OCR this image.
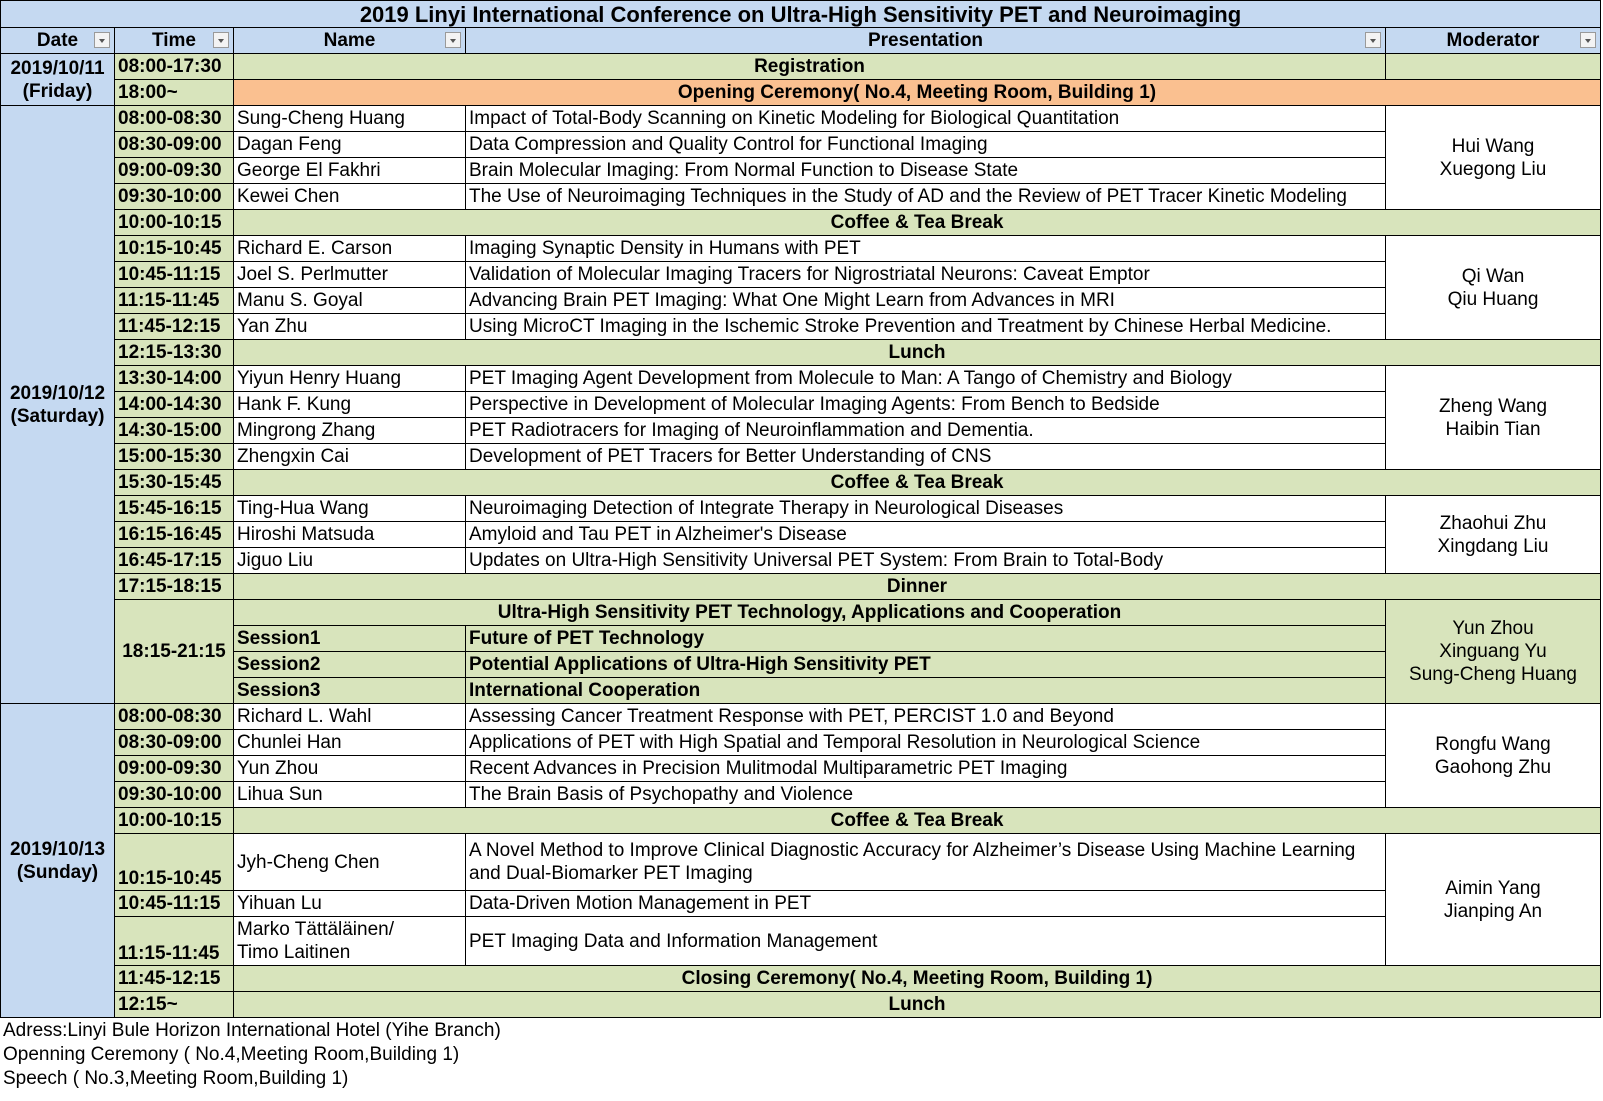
2019 Linyi International Conference on Ultra-High Sensitivity PET and Neuroimaging				
Date	Time	Name	Presentation	Moderator

2019/10/11
(Friday)	08:00-17:30	Registration		
	18:00~	Opening Ceremony( No.4, Meeting Room, Building 1)		
2019/10/12
(Saturday)	08:00-08:30	Sung-Cheng Huang	Impact of Total-Body Scanning on Kinetic Modeling for Biological Quantitation	Hui Wang
Xuegong Liu
	08:30-09:00	Dagan Feng	Data Compression and Quality Control for Functional Imaging	
	09:00-09:30	George El Fakhri	Brain Molecular Imaging: From Normal Function to Disease State	
	09:30-10:00	Kewei Chen	The Use of Neuroimaging Techniques in the Study of AD and the Review of PET Tracer Kinetic Modeling	
	10:00-10:15	Coffee & Tea Break		
	10:15-10:45	Richard E. Carson	Imaging Synaptic Density in Humans with PET	Qi Wan
Qiu Huang
	10:45-11:15	Joel S. Perlmutter	Validation of Molecular Imaging Tracers for Nigrostriatal Neurons: Caveat Emptor	
	11:15-11:45	Manu S. Goyal	Advancing Brain PET Imaging: What One Might Learn from Advances in MRI	
	11:45-12:15	Yan Zhu	Using MicroCT Imaging in the Ischemic Stroke Prevention and Treatment by Chinese Herbal Medicine.	
	12:15-13:30	Lunch		
	13:30-14:00	Yiyun Henry Huang	PET Imaging Agent Development from Molecule to Man: A Tango of Chemistry and Biology	Zheng Wang
Haibin Tian
	14:00-14:30	Hank F. Kung	Perspective in Development of Molecular Imaging Agents: From Bench to Bedside	
	14:30-15:00	Mingrong Zhang	PET Radiotracers for Imaging of Neuroinflammation and Dementia.	
	15:00-15:30	Zhengxin Cai	Development of PET Tracers for Better Understanding of CNS	
	15:30-15:45	Coffee & Tea Break		
	15:45-16:15	Ting-Hua Wang	Neuroimaging Detection of Integrate Therapy in Neurological Diseases	Zhaohui Zhu
Xingdang Liu
	16:15-16:45	Hiroshi Matsuda	Amyloid and Tau PET in Alzheimer's Disease	
	16:45-17:15	Jiguo Liu	Updates on Ultra-High Sensitivity Universal PET System: From Brain to Total-Body	
	17:15-18:15	Dinner		
	18:15-21:15	Ultra-High Sensitivity PET Technology, Applications and Cooperation		Yun Zhou
Xinguang Yu
Sung-Cheng Huang
		Session1	Future of PET Technology	
		Session2	Potential Applications of Ultra-High Sensitivity PET	
		Session3	International Cooperation	
2019/10/13
(Sunday)	08:00-08:30	Richard L. Wahl	Assessing Cancer Treatment Response with PET, PERCIST 1.0 and Beyond	Rongfu Wang
Gaohong Zhu
	08:30-09:00	Chunlei Han	Applications of PET with High Spatial and Temporal Resolution in Neurological Science	
	09:00-09:30	Yun Zhou	Recent Advances in Precision Mulitmodal Multiparametric PET Imaging	
	09:30-10:00	Lihua Sun	The Brain Basis of Psychopathy and Violence	
	10:00-10:15	Coffee & Tea Break		
	10:15-10:45	Jyh-Cheng Chen	A Novel Method to Improve Clinical Diagnostic Accuracy for Alzheimer’s Disease Using Machine Learning
and Dual-Biomarker PET Imaging	Aimin Yang
Jianping An
	10:45-11:15	Yihuan Lu	Data-Driven Motion Management in PET	
	11:15-11:45	Marko Tättäläinen/
Timo Laitinen	PET Imaging Data and Information Management	
	11:45-12:15	Closing Ceremony( No.4, Meeting Room, Building 1)		
	12:15~	Lunch		
Adress:Linyi Bule Horizon International Hotel (Yihe Branch)
Openning Ceremony ( No.4,Meeting Room,Building 1)
Speech ( No.3,Meeting Room,Building 1)
